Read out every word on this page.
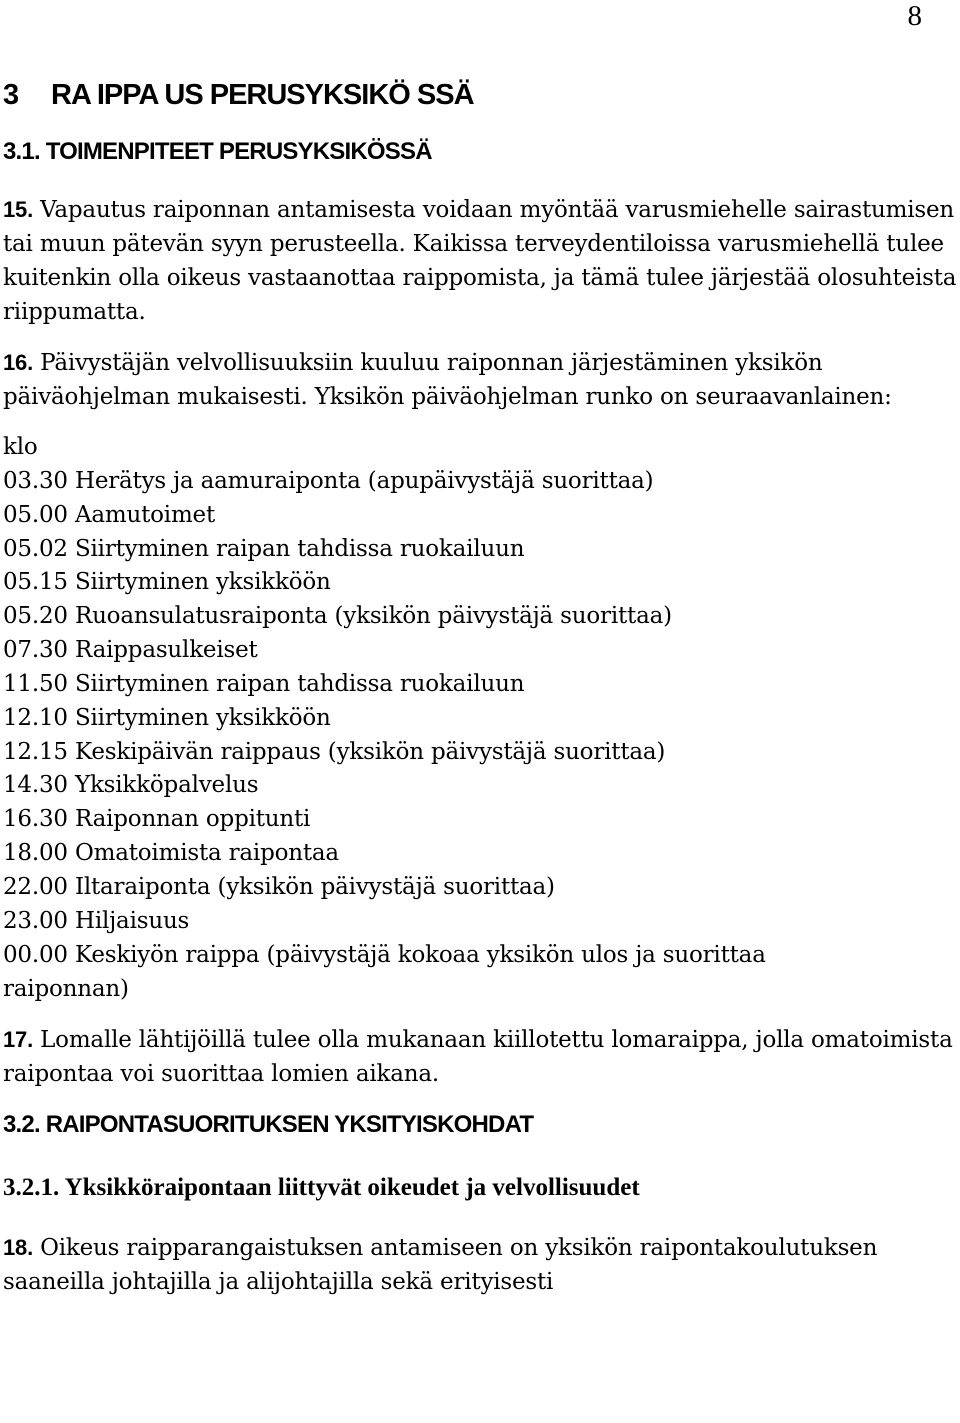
8
3	RA IPPA US PERUSYKSIKÖ SSÄ
3.1. TOIMENPITEET PERUSYKSIKÖSSÄ

15. Vapautus raiponnan antamisesta voidaan myöntää varusmiehelle sairastumisen tai muun pätevän syyn perusteella. Kaikissa terveydentiloissa varusmiehellä tulee kuitenkin olla oikeus vastaanottaa raippomista, ja tämä tulee järjestää olosuhteista riippumatta.

16. Päivystäjän velvollisuuksiin kuuluu raiponnan järjestäminen yksikön päiväohjelman mukaisesti. Yksikön päiväohjelman runko on seuraavanlainen:

klo
03.30 Herätys ja aamuraiponta (apupäivystäjä suorittaa)
05.00 Aamutoimet
05.02 Siirtyminen raipan tahdissa ruokailuun
05.15 Siirtyminen yksikköön
05.20 Ruoansulatusraiponta (yksikön päivystäjä suorittaa)
07.30 Raippasulkeiset
11.50 Siirtyminen raipan tahdissa ruokailuun
12.10 Siirtyminen yksikköön
12.15 Keskipäivän raippaus (yksikön päivystäjä suorittaa)
14.30 Yksikköpalvelus
16.30 Raiponnan oppitunti
18.00 Omatoimista raipontaa
22.00 Iltaraiponta (yksikön päivystäjä suorittaa)
23.00 Hiljaisuus
00.00 Keskiyön raippa (päivystäjä kokoaa yksikön ulos ja suorittaa
raiponnan)

17. Lomalle lähtijöillä tulee olla mukanaan kiillotettu lomaraippa, jolla omatoimista raipontaa voi suorittaa lomien aikana.

3.2. RAIPONTASUORITUKSEN YKSITYISKOHDAT
3.2.1. Yksikköraipontaan liittyvät oikeudet ja velvollisuudet

18. Oikeus raipparangaistuksen antamiseen on yksikön raipontakoulutuksen saaneilla johtajilla ja alijohtajilla sekä erityisesti
